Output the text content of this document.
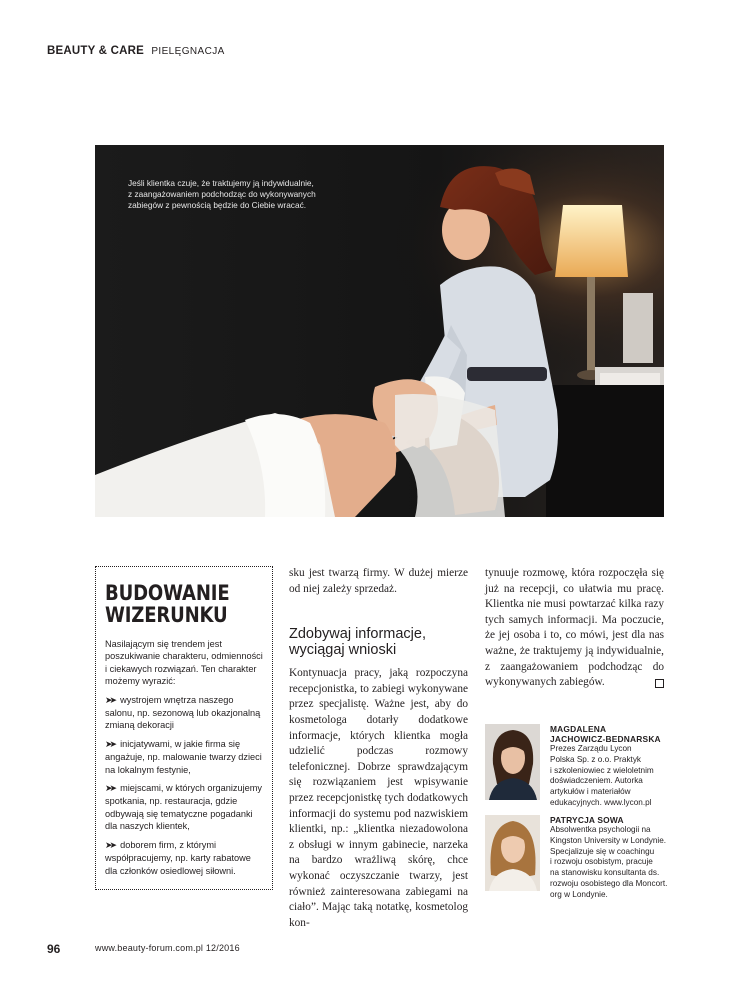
BEAUTY & CARE PIELĘGNACJA
Jeśli klientka czuje, że traktujemy ją indywidualnie,
z zaangażowaniem podchodząc do wykonywanych
zabiegów z pewnością będzie do Ciebie wracać.
BUDOWANIE
WIZERUNKU

Nasilającym się trendem jest poszukiwanie charakteru, odmienności i ciekawych rozwiązań. Ten charakter możemy wyrazić:

➤➤ wystrojem wnętrza naszego salonu, np. sezonową lub okazjonalną zmianą dekoracji
➤➤ inicjatywami, w jakie firma się angażuje, np. malowanie twarzy dzieci na lokalnym festynie,
➤➤ miejscami, w których organizujemy spotkania, np. restauracja, gdzie odbywają się tematyczne pogadanki dla naszych klientek,
➤➤ doborem firm, z którymi współpracujemy, np. karty rabatowe dla członków osiedlowej siłowni.

sku jest twarzą firmy. W dużej mierze od niej zależy sprzedaż.

Zdobywaj informacje, wyciągaj wnioski

Kontynuacja pracy, jaką rozpoczyna recepcjonistka, to zabiegi wykonywane przez specjalistę. Ważne jest, aby do kosmetologa dotarły dodatkowe informacje, których klientka mogła udzielić podczas rozmowy telefonicznej. Dobrze sprawdzającym się rozwiązaniem jest wpisywanie przez recepcjonistkę tych dodatkowych informacji do systemu pod nazwiskiem klientki, np.: „klientka niezadowolona z obsługi w innym gabinecie, narzeka na bardzo wrażliwą skórę, chce wykonać oczyszczanie twarzy, jest również zainteresowana zabiegami na ciało”. Mając taką notatkę, kosmetolog kon-

tynuuje rozmowę, która rozpoczęła się już na recepcji, co ułatwia mu pracę. Klientka nie musi powtarzać kilka razy tych samych informacji. Ma poczucie, że jej osoba i to, co mówi, jest dla nas ważne, że traktujemy ją indywidualnie, z zaangażowaniem podchodząc do wykonywanych zabiegów.

MAGDALENA
JACHOWICZ-BEDNARSKA
Prezes Zarządu Lycon
Polska Sp. z o.o. Praktyk
i szkoleniowiec z wieloletnim
doświadczeniem. Autorka
artykułów i materiałów
edukacyjnych. www.lycon.pl
PATRYCJA SOWA
Absolwentka psychologii na
Kingston University w Londynie.
Specjalizuje się w coachingu
i rozwoju osobistym, pracuje
na stanowisku konsultanta ds.
rozwoju osobistego dla Moncort.
org w Londynie.
96	www.beauty-forum.com.pl 12/2016
